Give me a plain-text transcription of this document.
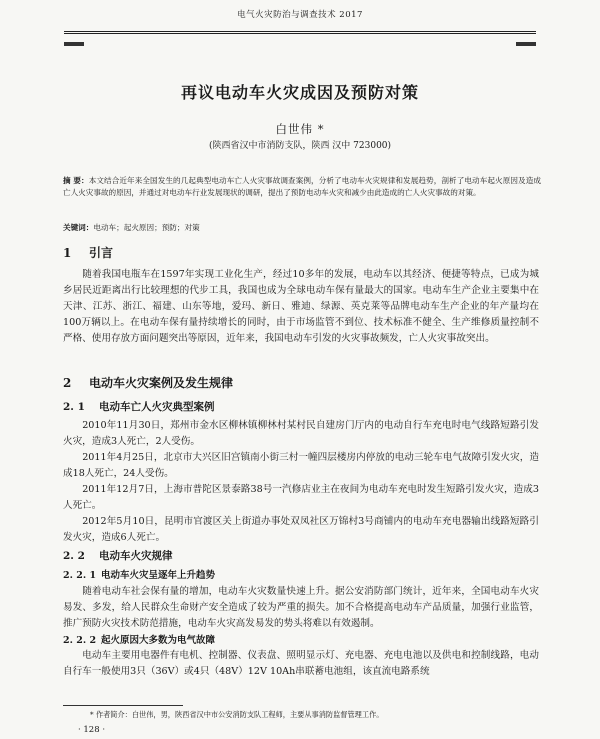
电气火灾防治与调查技术 2017
再议电动车火灾成因及预防对策
白世伟 *
(陕西省汉中市消防支队，陕西 汉中 723000)
摘 要：本文结合近年来全国发生的几起典型电动车亡人火灾事故调查案例，分析了电动车火灾规律和发展趋势，剖析了电动车起火原因及造成亡人火灾事故的原因，并通过对电动车行业发展现状的调研，提出了预防电动车火灾和减少由此造成的亡人火灾事故的对策。
关键词：电动车；起火原因；预防；对策
1 引言
随着我国电瓶车在1597年实现工业化生产，经过10多年的发展，电动车以其经济、便捷等特点，已成为城乡居民近距离出行比较理想的代步工具，我国也成为全球电动车保有量最大的国家。电动车生产企业主要集中在天津、江苏、浙江、福建、山东等地，爱玛、新日、雅迪、绿源、英克莱等品牌电动车生产企业的年产量均在100万辆以上。在电动车保有量持续增长的同时，由于市场监管不到位、技术标准不健全、生产维修质量控制不严格、使用存放方面问题突出等原因，近年来，我国电动车引发的火灾事故频发，亡人火灾事故突出。
2 电动车火灾案例及发生规律
2. 1 电动车亡人火灾典型案例
2010年11月30日，郑州市金水区柳林镇柳林村某村民自建房门厅内的电动自行车充电时电气线路短路引发火灾，造成3人死亡，2人受伤。
2011年4月25日，北京市大兴区旧宫镇南小街三村一幢四层楼房内停放的电动三轮车电气故障引发火灾，造成18人死亡，24人受伤。
2011年12月7日，上海市普陀区景泰路38号一汽修店业主在夜间为电动车充电时发生短路引发火灾，造成3人死亡。
2012年5月10日，昆明市官渡区关上街道办事处双凤社区万锦村3号商铺内的电动车充电器输出线路短路引发火灾，造成6人死亡。
2. 2 电动车火灾规律
2. 2. 1 电动车火灾呈逐年上升趋势
随着电动车社会保有量的增加，电动车火灾数量快速上升。据公安消防部门统计，近年来，全国电动车火灾易发、多发，给人民群众生命财产安全造成了较为严重的损失。加不合格提高电动车产品质量，加强行业监管，推广预防火灾技术防范措施，电动车火灾高发易发的势头将难以有效遏制。
2. 2. 2 起火原因大多数为电气故障
电动车主要用电器件有电机、控制器、仪表盘、照明显示灯、充电器、充电电池以及供电和控制线路，电动自行车一般使用3只（36V）或4只（48V）12V 10Ah串联蓄电池组，该直流电路系统
* 作者简介：白世伟，男，陕西省汉中市公安消防支队工程师，主要从事消防监督管理工作。
· 128 ·
